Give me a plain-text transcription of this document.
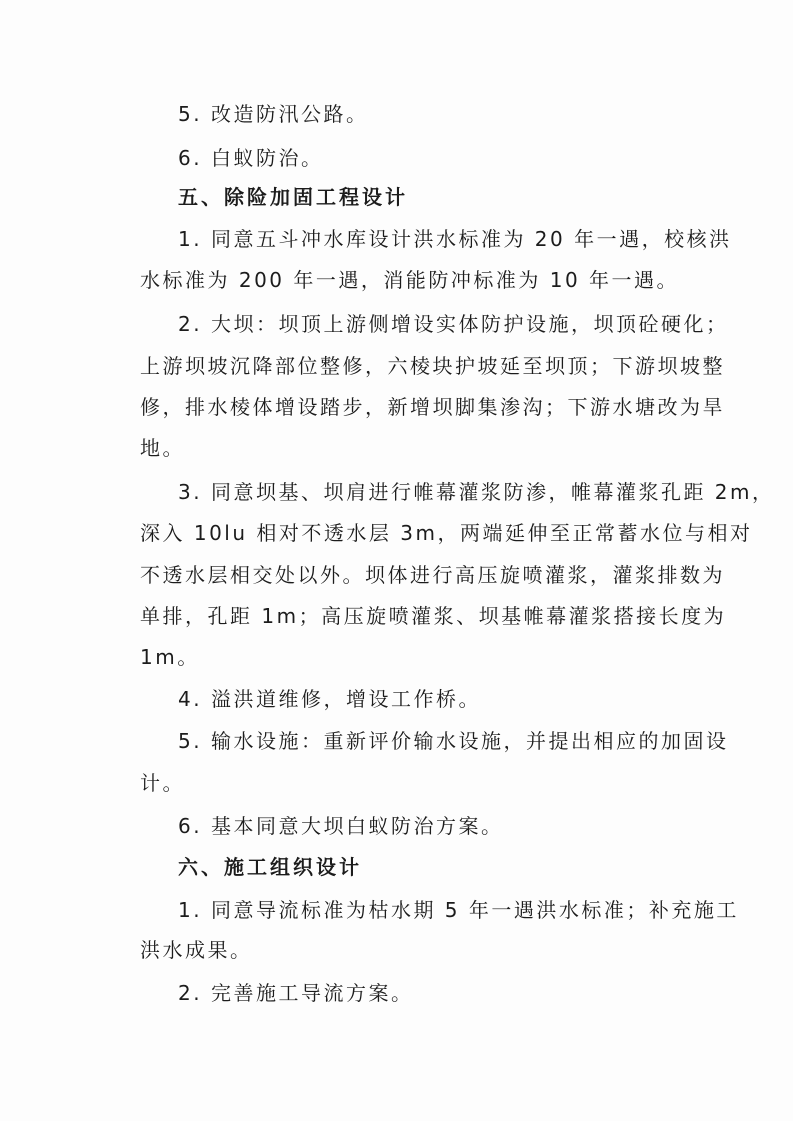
5. 改造防汛公路。
6. 白蚁防治。
五、除险加固工程设计
1. 同意五斗冲水库设计洪水标准为 20 年一遇，校核洪
水标准为 200 年一遇，消能防冲标准为 10 年一遇。
2. 大坝：坝顶上游侧增设实体防护设施，坝顶砼硬化；
上游坝坡沉降部位整修，六棱块护坡延至坝顶；下游坝坡整
修，排水棱体增设踏步，新增坝脚集渗沟；下游水塘改为旱
地。
3. 同意坝基、坝肩进行帷幕灌浆防渗，帷幕灌浆孔距 2m，
深入 10lu 相对不透水层 3m，两端延伸至正常蓄水位与相对
不透水层相交处以外。坝体进行高压旋喷灌浆，灌浆排数为
单排，孔距 1m；高压旋喷灌浆、坝基帷幕灌浆搭接长度为
1m。
4. 溢洪道维修，增设工作桥。
5. 输水设施：重新评价输水设施，并提出相应的加固设
计。
6. 基本同意大坝白蚁防治方案。
六、施工组织设计
1. 同意导流标准为枯水期 5 年一遇洪水标准；补充施工
洪水成果。
2. 完善施工导流方案。
